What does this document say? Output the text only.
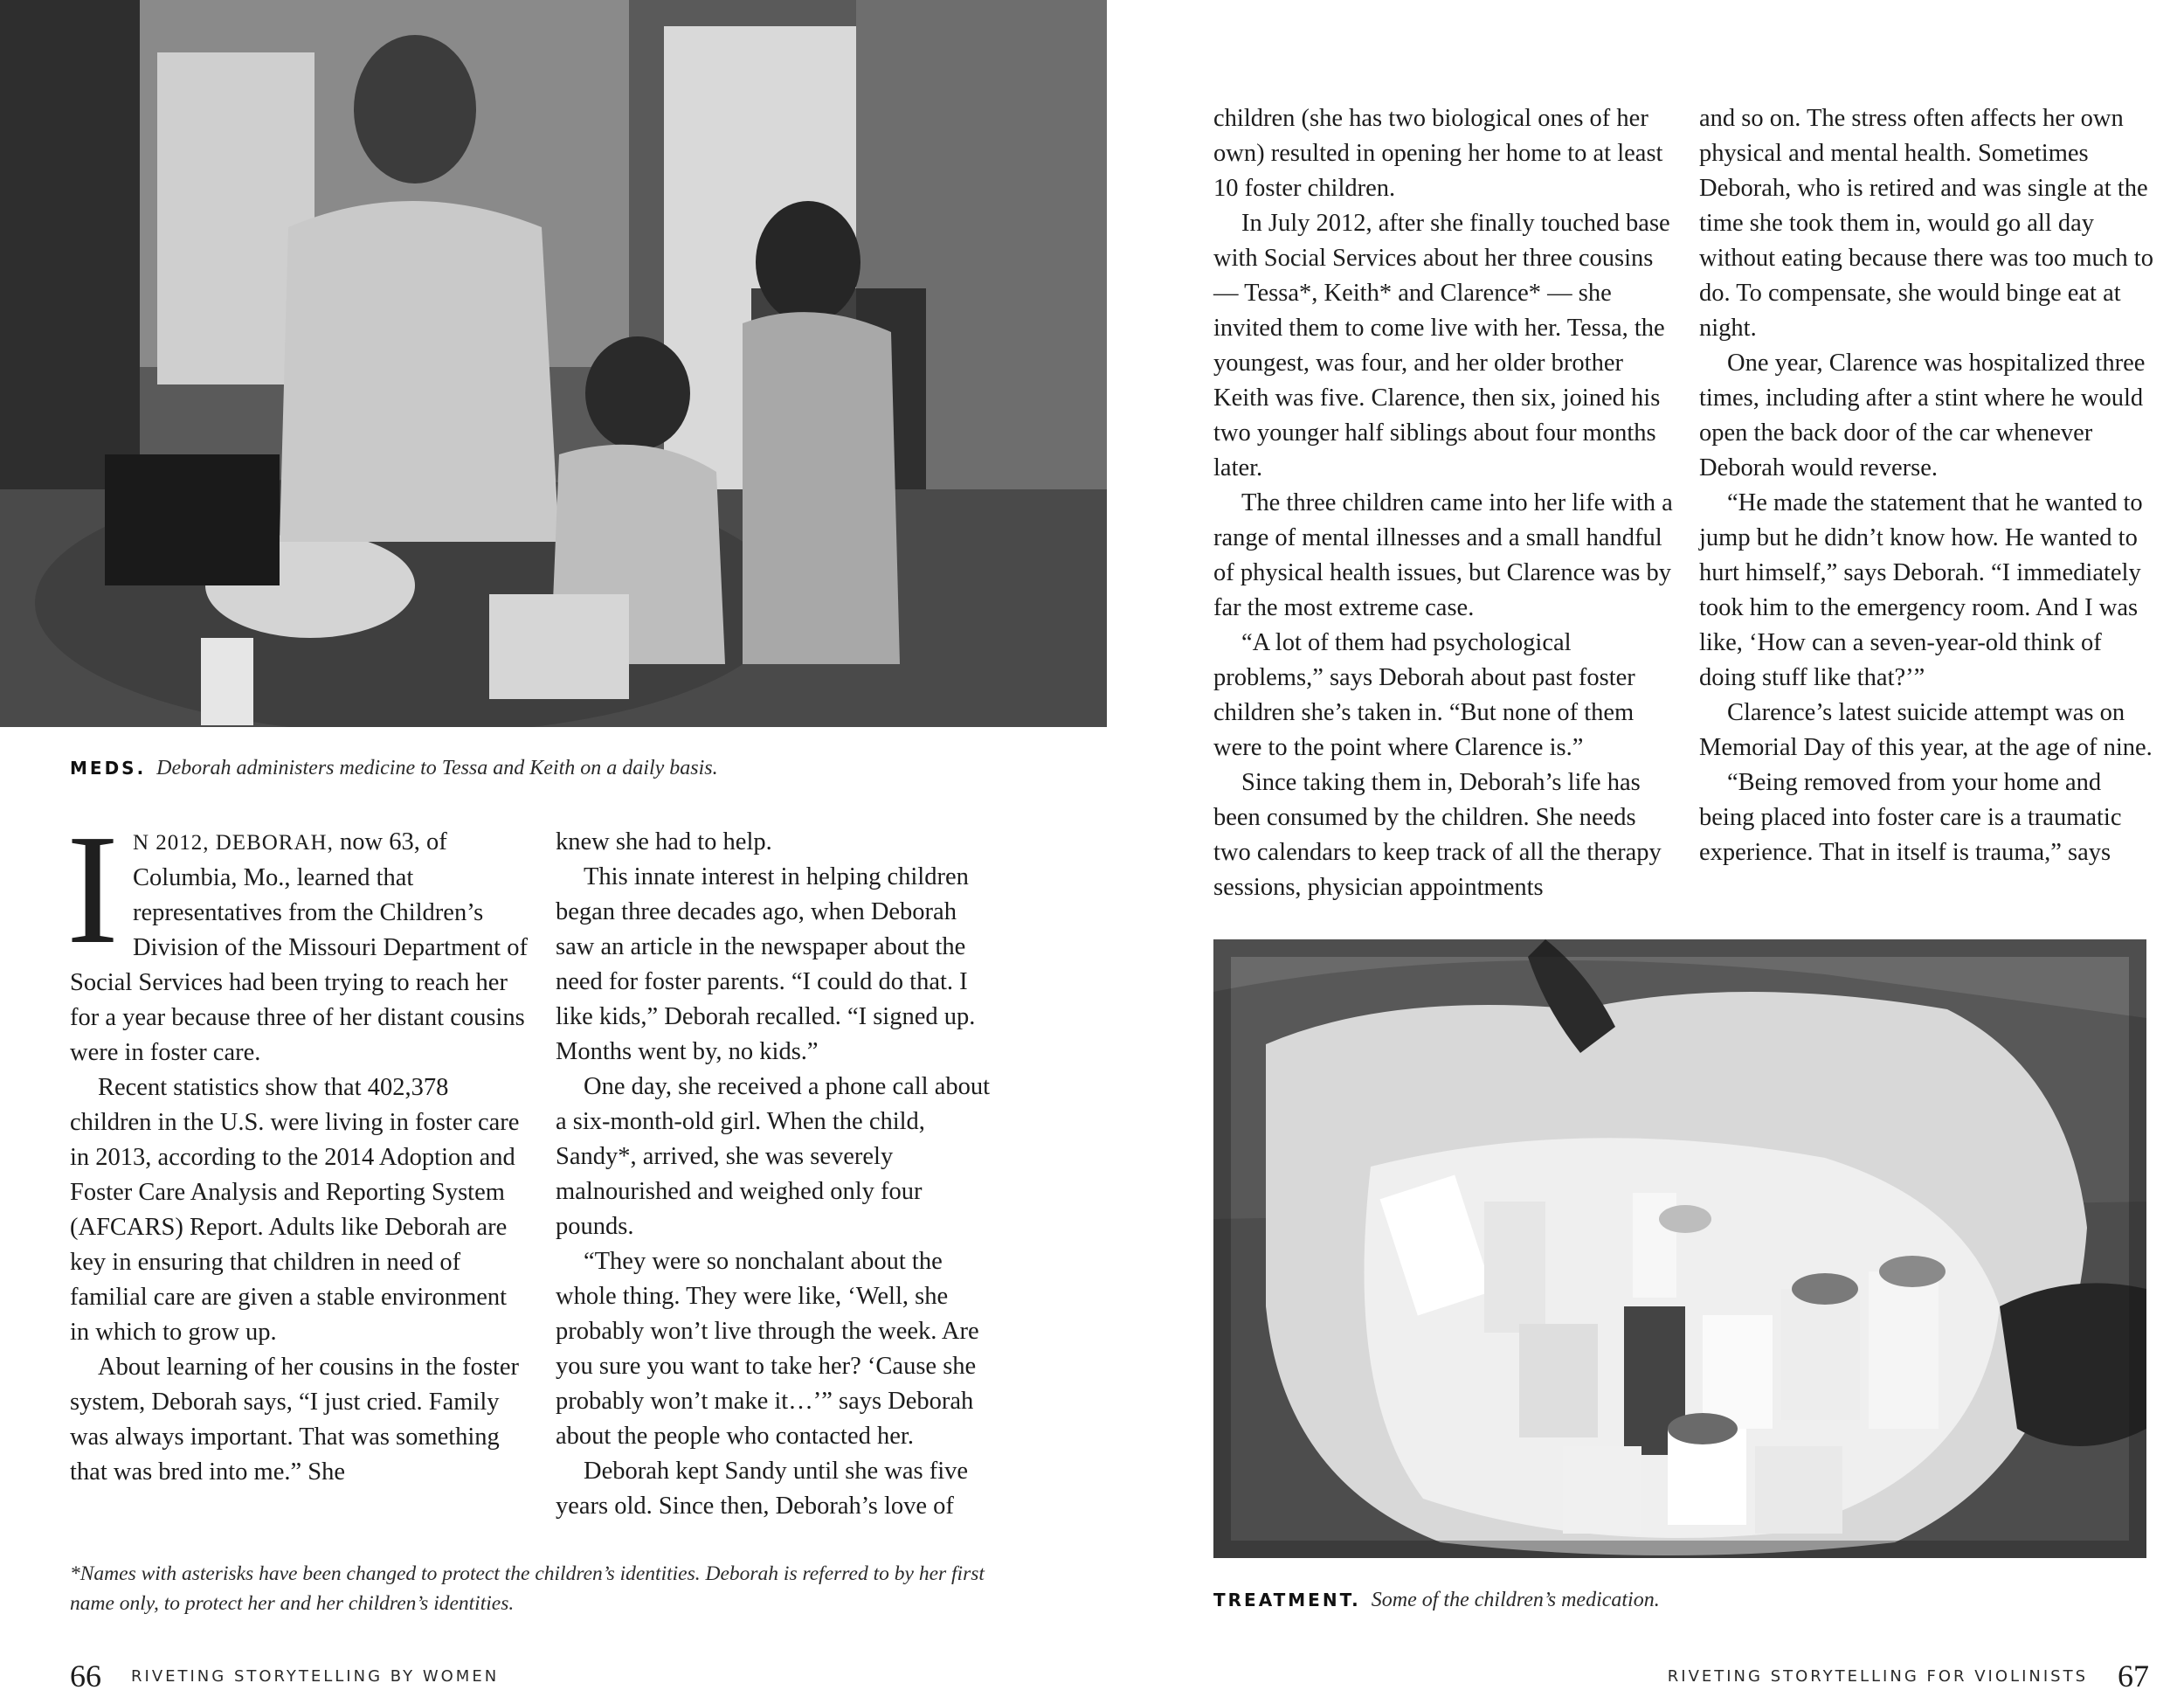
MEDS. Deborah administers medicine to Tessa and Keith on a daily basis.
I N 2012, DEBORAH, now 63, of Columbia, Mo., learned that representatives from the Children’s Division of the Missouri Department of Social Services had been trying to reach her for a year because three of her distant cousins were in foster care.

Recent statistics show that 402,378 children in the U.S. were living in foster care in 2013, according to the 2014 Adoption and Foster Care Analysis and Reporting System (AFCARS) Report. Adults like Deborah are key in ensuring that children in need of familial care are given a stable environment in which to grow up.

About learning of her cousins in the foster system, Deborah says, “I just cried. Family was always important. That was something that was bred into me.” She

knew she had to help.

This innate interest in helping children began three decades ago, when Deborah saw an article in the newspaper about the need for foster parents. “I could do that. I like kids,” Deborah recalled. “I signed up. Months went by, no kids.”

One day, she received a phone call about a six-month-old girl. When the child, Sandy*, arrived, she was severely malnourished and weighed only four pounds.

“They were so nonchalant about the whole thing. They were like, ‘Well, she probably won’t live through the week. Are you sure you want to take her? ‘Cause she probably won’t make it…’” says Deborah about the people who contacted her.

Deborah kept Sandy until she was five years old. Since then, Deborah’s love of

*Names with asterisks have been changed to protect the children’s identities. Deborah is referred to by her first name only, to protect her and her children’s identities.

children (she has two biological ones of her own) resulted in opening her home to at least 10 foster children.

In July 2012, after she finally touched base with Social Services about her three cousins — Tessa*, Keith* and Clarence* — she invited them to come live with her. Tessa, the youngest, was four, and her older brother Keith was five. Clarence, then six, joined his two younger half siblings about four months later.

The three children came into her life with a range of mental illnesses and a small handful of physical health issues, but Clarence was by far the most extreme case.

“A lot of them had psychological problems,” says Deborah about past foster children she’s taken in. “But none of them were to the point where Clarence is.”

Since taking them in, Deborah’s life has been consumed by the children. She needs two calendars to keep track of all the therapy sessions, physician appointments

and so on. The stress often affects her own physical and mental health. Sometimes Deborah, who is retired and was single at the time she took them in, would go all day without eating because there was too much to do. To compensate, she would binge eat at night.

One year, Clarence was hospitalized three times, including after a stint where he would open the back door of the car whenever Deborah would reverse.

“He made the statement that he wanted to jump but he didn’t know how. He wanted to hurt himself,” says Deborah. “I immediately took him to the emergency room. And I was like, ‘How can a seven-year-old think of doing stuff like that?’”

Clarence’s latest suicide attempt was on Memorial Day of this year, at the age of nine.

“Being removed from your home and being placed into foster care is a traumatic experience. That in itself is trauma,” says

TREATMENT. Some of the children’s medication.
66 RIVETING STORYTELLING BY WOMEN	RIVETING STORYTELLING FOR VIOLINISTS 67
